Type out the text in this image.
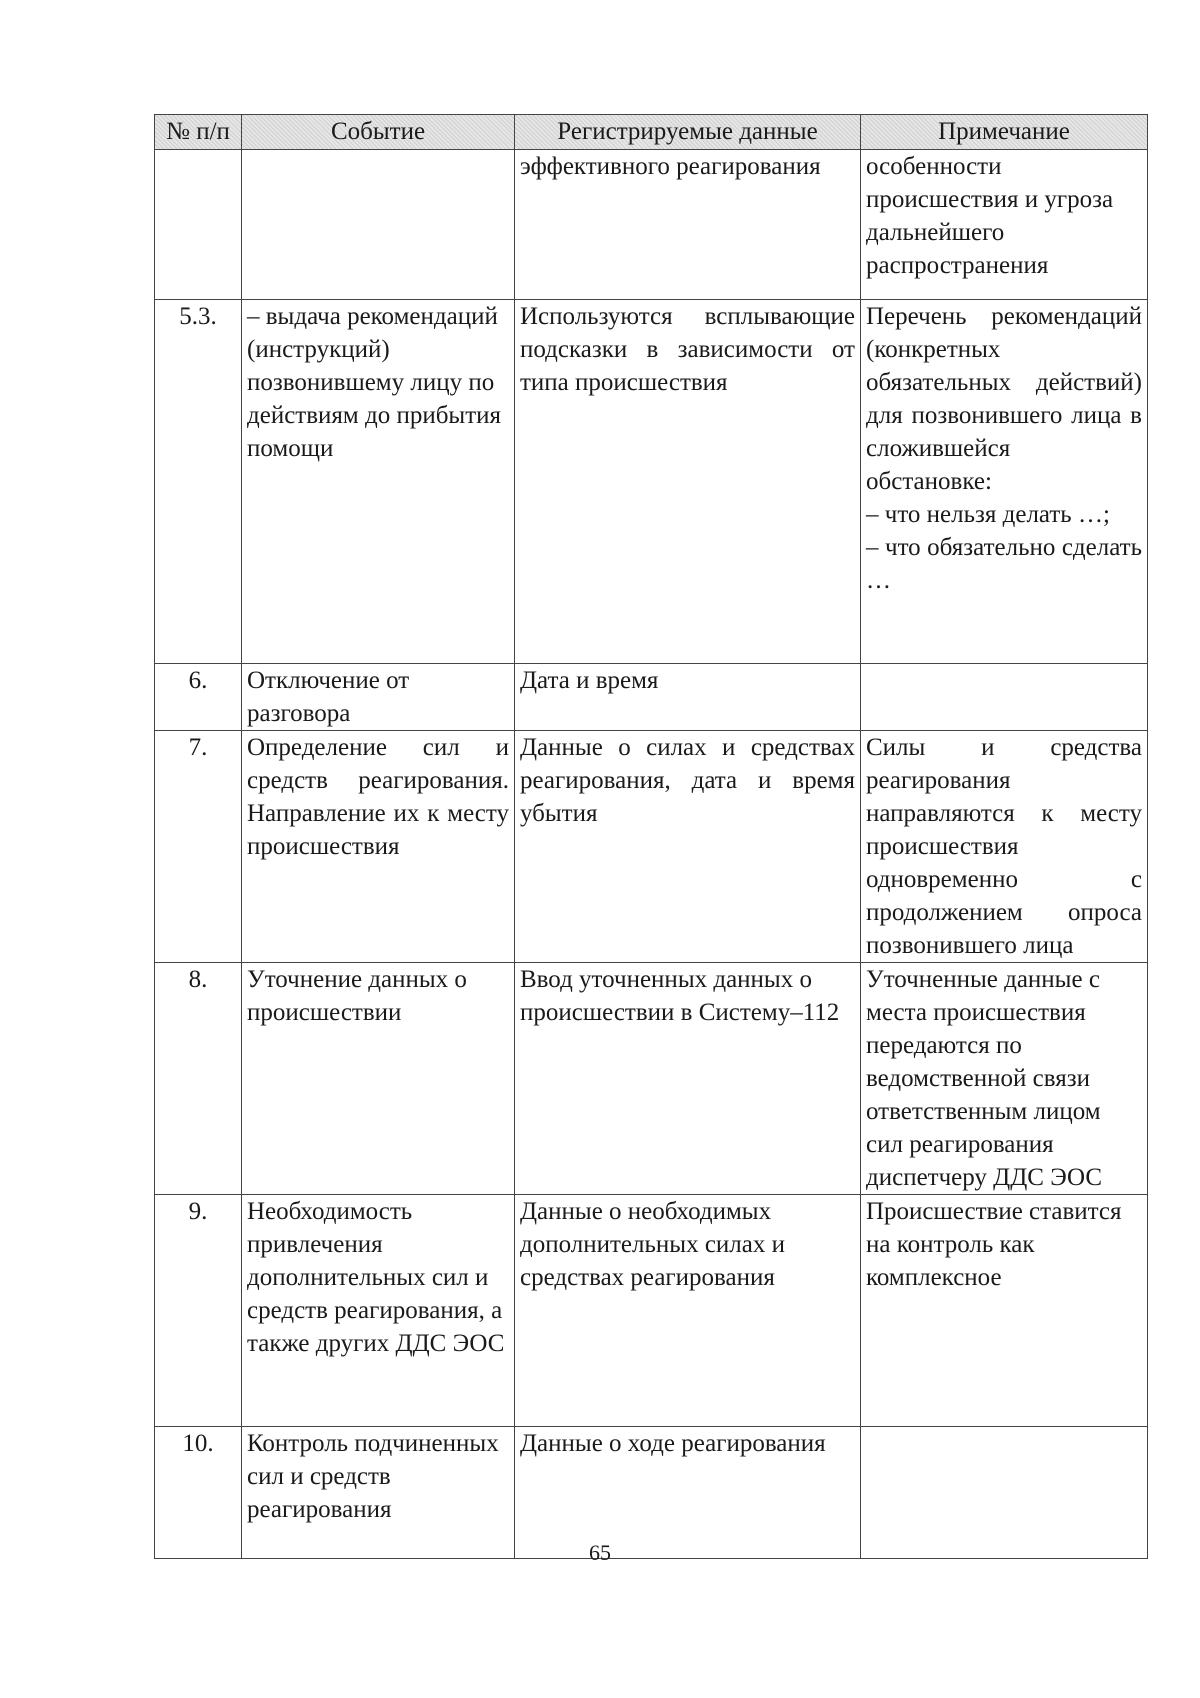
№ п/п	Событие	Регистрируемые данные	Примечание
		эффективного реагирования	особенности происшествия и угроза дальнейшего распространения
5.3.	– выдача рекомендаций (инструкций) позвонившему лицу по действиям до прибытия помощи	Используются всплывающие подсказки в зависимости от типа происшествия	Перечень рекомендаций (конкретных обязательных действий) для позвонившего лица в сложившейся обстановке:
– что нельзя делать …;
– что обязательно сделать …

6.	Отключение от разговора	Дата и время	
7.	Определение сил и средств реагирования. Направление их к месту происшествия	Данные о силах и средствах реагирования, дата и время убытия	Силы и средства реагирования направляются к месту происшествия одновременно с продолжением опроса позвонившего лица
8.	Уточнение данных о происшествии	Ввод уточненных данных о происшествии в Систему–112	Уточненные данные с места происшествия передаются по ведомственной связи ответственным лицом сил реагирования диспетчеру ДДС ЭОС
9.	Необходимость привлечения дополнительных сил и средств реагирования, а также других ДДС ЭОС	Данные о необходимых дополнительных силах и средствах реагирования	Происшествие ставится на контроль как комплексное
10.	Контроль подчиненных сил и средств реагирования	Данные о ходе реагирования	
65
